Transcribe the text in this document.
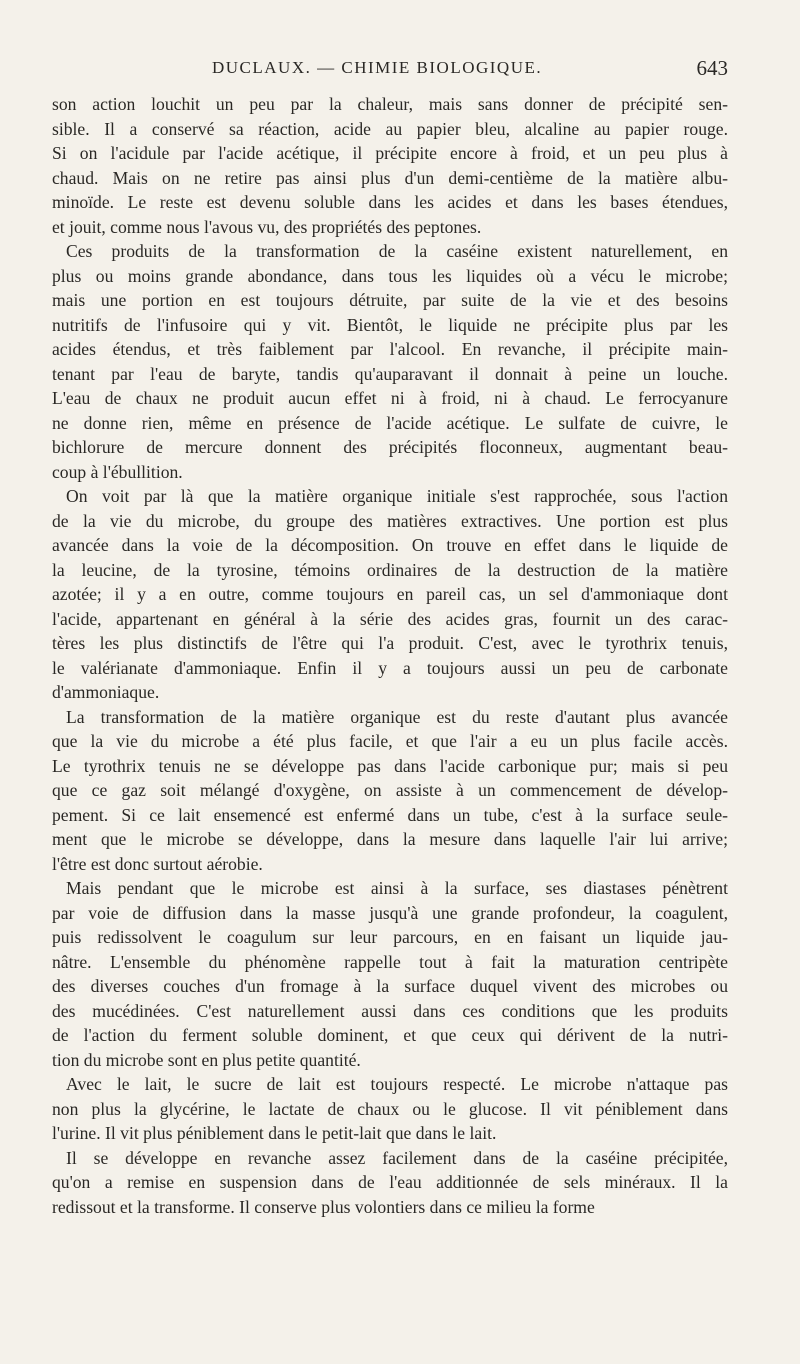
DUCLAUX. — CHIMIE BIOLOGIQUE.	643
son action louchit un peu par la chaleur, mais sans donner de précipité sen-
sible. Il a conservé sa réaction, acide au papier bleu, alcaline au papier rouge.
Si on l'acidule par l'acide acétique, il précipite encore à froid, et un peu plus à
chaud. Mais on ne retire pas ainsi plus d'un demi-centième de la matière albu-
minoïde. Le reste est devenu soluble dans les acides et dans les bases étendues,
et jouit, comme nous l'avous vu, des propriétés des peptones.
Ces produits de la transformation de la caséine existent naturellement, en
plus ou moins grande abondance, dans tous les liquides où a vécu le microbe;
mais une portion en est toujours détruite, par suite de la vie et des besoins
nutritifs de l'infusoire qui y vit. Bientôt, le liquide ne précipite plus par les
acides étendus, et très faiblement par l'alcool. En revanche, il précipite main-
tenant par l'eau de baryte, tandis qu'auparavant il donnait à peine un louche.
L'eau de chaux ne produit aucun effet ni à froid, ni à chaud. Le ferrocyanure
ne donne rien, même en présence de l'acide acétique. Le sulfate de cuivre, le
bichlorure de mercure donnent des précipités floconneux, augmentant beau-
coup à l'ébullition.
On voit par là que la matière organique initiale s'est rapprochée, sous l'action
de la vie du microbe, du groupe des matières extractives. Une portion est plus
avancée dans la voie de la décomposition. On trouve en effet dans le liquide de
la leucine, de la tyrosine, témoins ordinaires de la destruction de la matière
azotée; il y a en outre, comme toujours en pareil cas, un sel d'ammoniaque dont
l'acide, appartenant en général à la série des acides gras, fournit un des carac-
tères les plus distinctifs de l'être qui l'a produit. C'est, avec le tyrothrix tenuis,
le valérianate d'ammoniaque. Enfin il y a toujours aussi un peu de carbonate
d'ammoniaque.
La transformation de la matière organique est du reste d'autant plus avancée
que la vie du microbe a été plus facile, et que l'air a eu un plus facile accès.
Le tyrothrix tenuis ne se développe pas dans l'acide carbonique pur; mais si peu
que ce gaz soit mélangé d'oxygène, on assiste à un commencement de dévelop-
pement. Si ce lait ensemencé est enfermé dans un tube, c'est à la surface seule-
ment que le microbe se développe, dans la mesure dans laquelle l'air lui arrive;
l'être est donc surtout aérobie.
Mais pendant que le microbe est ainsi à la surface, ses diastases pénètrent
par voie de diffusion dans la masse jusqu'à une grande profondeur, la coagulent,
puis redissolvent le coagulum sur leur parcours, en en faisant un liquide jau-
nâtre. L'ensemble du phénomène rappelle tout à fait la maturation centripète
des diverses couches d'un fromage à la surface duquel vivent des microbes ou
des mucédinées. C'est naturellement aussi dans ces conditions que les produits
de l'action du ferment soluble dominent, et que ceux qui dérivent de la nutri-
tion du microbe sont en plus petite quantité.
Avec le lait, le sucre de lait est toujours respecté. Le microbe n'attaque pas
non plus la glycérine, le lactate de chaux ou le glucose. Il vit péniblement dans
l'urine. Il vit plus péniblement dans le petit-lait que dans le lait.
Il se développe en revanche assez facilement dans de la caséine précipitée,
qu'on a remise en suspension dans de l'eau additionnée de sels minéraux. Il la
redissout et la transforme. Il conserve plus volontiers dans ce milieu la forme
